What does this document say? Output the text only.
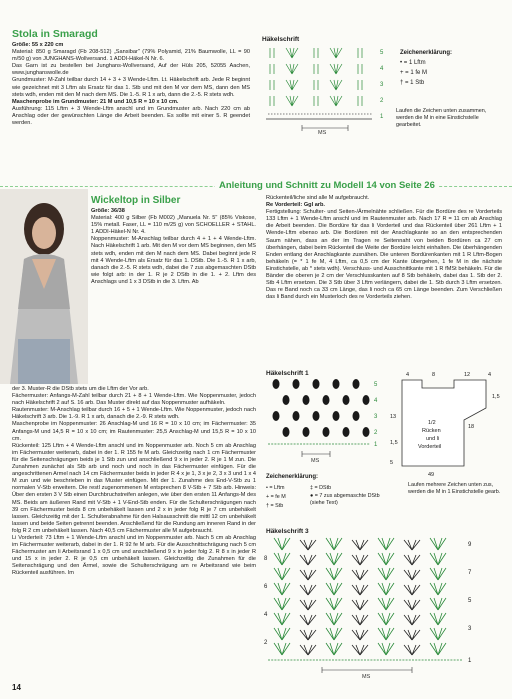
Stola in Smaragd

Größe: 55 x 220 cm

Material: 850 g Smaragd (Fb 208-512) „Sansibar" (79% Polyamid, 21% Baumwolle, LL = 90 m/50 g) von JUNGHANS-Wollversand. 1 ADDI-Häkel-N Nr. 6.

Das Garn ist zu bestellen bei Junghans-Wollversand, Auf der Hüls 205, 52055 Aachen, www.junghanswolle.de

Grundmuster: M-Zahl teilbar durch 14 + 3 + 3 Wende-Lftm. Lt. Häkelschrift arb. Jede R beginnt wie gezeichnet mit 3 Lftm als Ersatz für das 1. Stb und mit den M vor dem MS, dann den MS stets wdh, enden mit den M nach dem MS. Die 1.-5. R 1 x arb, dann die 2.-5. R stets wdh.

Maschenprobe im Grundmuster: 21 M und 10,5 R = 10 x 10 cm.

Ausführung: 115 Lftm + 3 Wende-Lftm anschl und im Grundmuster arb. Nach 220 cm ab Anschlag oder der gewünschten Länge die Arbeit beenden. Es sollte mit einer 5. R geendet werden.

Häkelschrift
5
4
3
2
1
MS
Zeichenerklärung:
• = 1 Lftm
+ = 1 fe M
† = 1 Stb
Laufen die Zeichen unten zusammen, werden die M in eine Einstichstelle gearbeitet.
Anleitung und Schnitt zu Modell 14 von Seite 26
Wickeltop in Silber

Größe: 36/38

Material: 400 g Silber (Fb M002) „Manuela Nr. 5" (85% Viskose, 15% metall. Faser, LL = 110 m/25 g) von SCHOELLER + STAHL. 1 ADDI-Häkel-N Nr. 4.

Noppenmuster: M-Anschlag teilbar durch 4 + 1 + 4 Wende-Lftm. Nach Häkelschrift 1 arb. Mit den M vor dem MS beginnen, den MS stets wdh, enden mit den M nach dem MS. Dabei beginnt jede R mit 4 Wende-Lftm als Ersatz für das 1. DStb. Die 1.-5. R 1 x arb, danach die 2.-5. R stets wdh, dabei die 7 zus abgemaschten DStb wie folgt arb: in der 1. R je 2 DStb in die 1. + 2. Lftm des Anschlags und 1 x 3 DStb in die 3. Lftm. Ab

der 3. Muster-R die DStb stets um die Lftm der Vor arb.

Fächermuster: Anfangs-M-Zahl teilbar durch 21 + 8 + 1 Wende-Lftm. Wie Noppenmuster, jedoch nach Häkelschrift 2 auf S. 16 arb. Das Muster direkt auf das Noppenmuster aufhäkeln.

Rautenmuster: M-Anschlag teilbar durch 16 + 5 + 1 Wende-Lftm. Wie Noppenmuster, jedoch nach Häkelschrift 3 arb. Die 1.-9. R 1 x arb, danach die 2.-9. R stets wdh.

Maschenprobe im Noppenmuster: 26 Anschlag-M und 16 R = 10 x 10 cm; im Fächermuster: 35 Anfangs-M und 14,5 R = 10 x 10 cm; im Rautenmuster: 25,5 Anschlag-M und 15,5 R = 10 x 10 cm.

Rückenteil: 125 Lftm + 4 Wende-Lftm anschl und im Noppenmuster arb. Noch 5 cm ab Anschlag im Fächermuster weiterarb, dabei in der 1. R 155 fe M arb. Gleichzeitig nach 1 cm Fächermuster für die Seitenschrägungen beids je 1 Stb zun und anschließend 9 x in jeder 2. R je 1 M zun. Die Zunahmen zunächst als Stb arb und noch und noch in das Fächermuster einfügen. Für die angeschrittenen Armel nach 14 cm Fächermuster beids in jeder R 4 x je 1, 3 x je 2, 3 x 3 und 1 x 4 M zun und wie beschrieben in das Muster einfügen. Mit der 1. Zunahme des End-V-Stb zu 1 normalen V-Stb erweitern. Die restl zugenommenen M entsprechen 8 V-Stb + 7 Stb arb. Hinweis: Über den ersten 3 V Stb einen Durchbruchstreifen anlegen, wie über den ersten 11 Anfangs-M des MS. Beids am äußeren Rand mit V-Stb + 1 V-End-Stb enden. Für die Schulterschrägungen nach 39 cm Fächermuster beids 8 cm unbehäkelt lassen und 2 x in jeder folg R je 7 cm unbehäkelt lassen. Gleichzeitig mit der 1. Schulterabnahme für den Halsausschnitt die mittl 12 cm unbehäkelt lassen und beide Seiten getrennt beenden. Anschließend für die Rundung am inneren Rand in der folg R 2 cm unbehäkelt lassen. Nach 40,5 cm Fächermuster alle M aufgebraucht.

Li Vorderteil: 73 Lftm + 1 Wende-Lftm anschl und im Noppenmuster arb. Nach 5 cm ab Anschlag im Fächermuster weiterarb, dabei in der 1. R 92 fe M arb. Für die Ausschnittschrägung nach 5 cm Fächermuster am li Arbeitsrand 1 x 0,5 cm und anschließend 9 x in jeder folg 2. R 8 x in jeder R und 15 x in jeder 2. R je 0,5 cm unbehäkelt lassen. Gleichzeitig die Zunahmen für die Seitenschrägung und den Ärmel, sowie die Schulterschrägung am re Arbeitsrand wie beim Rückenteil ausführen. Im

Rückenteil/liche sind alle M aufgebraucht.

Re Vorderteil: Ggl arb.

Fertigstellung: Schulter- und Seiten-/Ärmelnähte schließen. Für die Bordüre des re Vorderteils 133 Lftm + 1 Wende-Lftm anschl und im Rautenmuster arb. Nach 17 R = 11 cm ab Anschlag die Arbeit beenden. Die Bordüre für das li Vorderteil und das Rückenteil über 261 Lftm + 1 Wende-Lftm ebenso arb. Die Bordüren mit der Anschlagkante so an den entsprechenden Saum nähen, dass an der im Tragen re Seitennaht von beiden Bordüren ca 27 cm überhängen, dabei beim Rückenteil die Weite der Bordüre leicht einhalten. Die überhängenden Enden entlang der Anschlagkante zusnähen. Die unteren Bordürenkanten mit 1 R Lftm-Bogen behäkeln (= * 1 fe M, 4 Lftm, ca 0,5 cm der Kante übergehen, 1 fe M in die nächste Einstichstelle, ab * stets wdh). Verschluss- und Ausschnittkante mit 1 R fMSt behäkeln. Für die Bänder die oberen je 2 cm der Verschlusskanten auf 8 Stb behäkeln, dabei das 1. Stb der 2. Stb 4 Lftm ersetzen. Die 3 Stb über 3 Lftm verlängern, dabei die 1. Stb durch 3 Lftm ersetzen. Das re Band noch ca 33 cm Länge, das li noch ca 65 cm Länge beenden. Zum Verschließen das li Band durch ein Musterloch des re Vorderteils ziehen.

Häkelschrift 1
5
4
3
2
1
MS
4	8	12	4
1,5
18
13
1,5
5
49
1/2
Rücken
und li
Vorderteil
Zeichenerklärung:
• = Lftm
+ = fe M
† = Stb
‡ = DStb
● = 7 zus abgemaschte DStb (siehe Text)
Laufen mehrere Zeichen unten zus, werden die M in 1 Einstichstelle gearb.
Häkelschrift 3
9
8
7
6
5
4
3
2
1
MS
14
